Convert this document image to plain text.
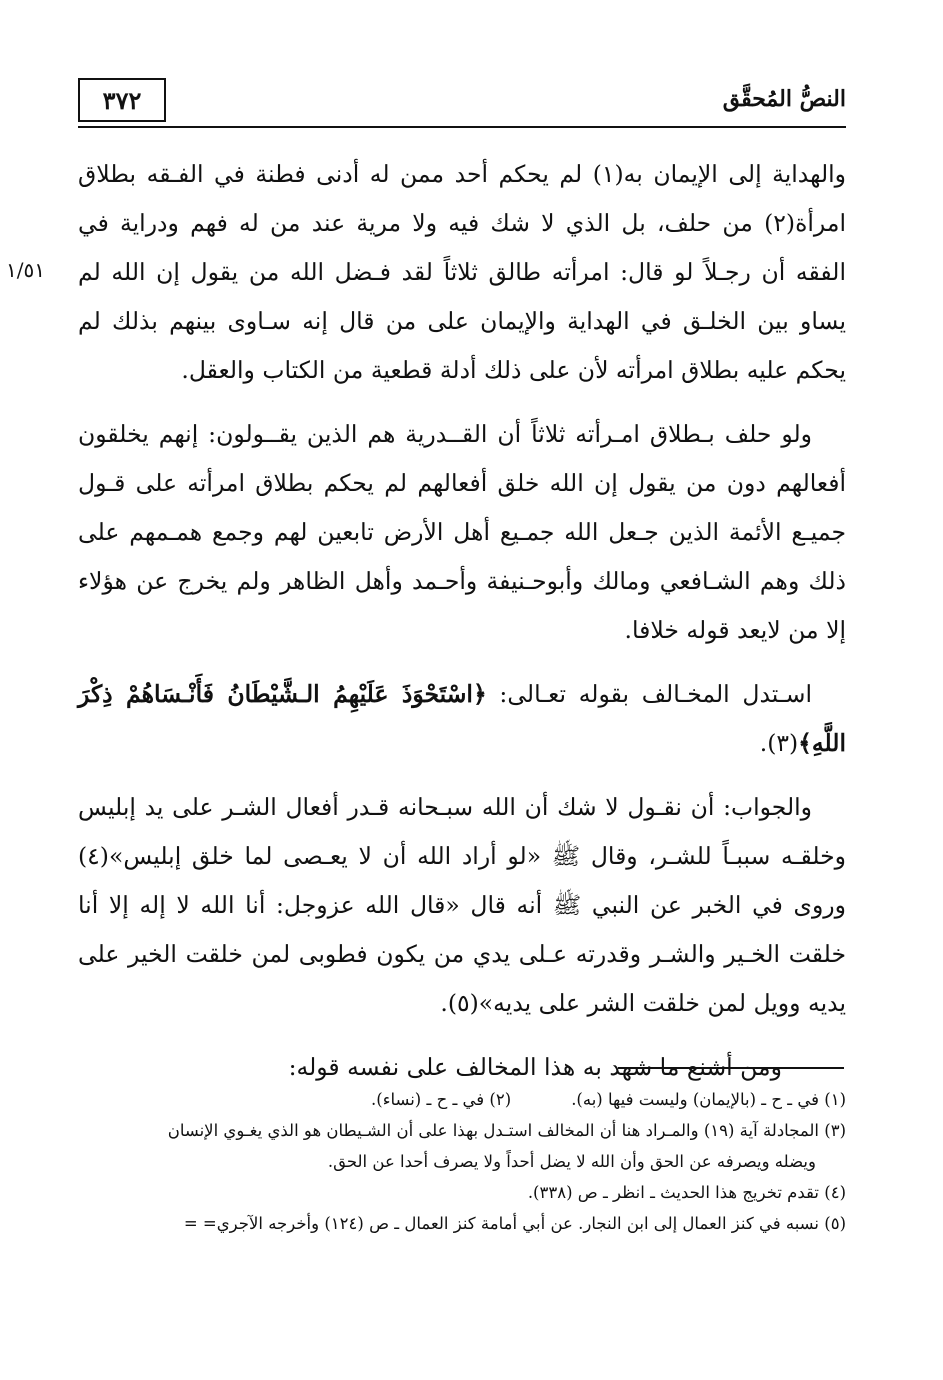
٣٧٢	النصُّ المُحقَّق
١/٥١

والهداية إلى الإيمان به(١) لم يحكم أحد ممن له أدنى فطنة في الفـقه بطلاق امرأة(٢) من حلف، بل الذي لا شك فيه ولا مرية عند من له فهم ودراية في الفقه أن رجـلاً لو قال: امرأته طالق ثلاثاً لقد فـضل الله من يقول إن الله لم يساو بين الخلـق في الهداية والإيمان على من قال إنه سـاوى بينهم بذلك لم يحكم عليه بطلاق امرأته لأن على ذلك أدلة قطعية من الكتاب والعقل.

ولو حلف بـطلاق امـرأته ثلاثاً أن القــدرية هم الذين يقــولون: إنهم يخلقون أفعالهم دون من يقول إن الله خلق أفعالهم لم يحكم بطلاق امرأته على قـول جميـع الأئمة الذين جـعل الله جمـيع أهل الأرض تابعين لهم وجمع همـمهم على ذلك وهم الشـافعي ومالك وأبوحـنيفة وأحـمد وأهل الظاهر ولم يخرج عن هؤلاء إلا من لايعد قوله خلافا.

اسـتدل المخـالف بقوله تعـالى: ﴿اسْتَحْوَذَ عَلَيْهِمُ الـشَّيْطَانُ فَأَنْـسَاهُمْ ذِكْرَ اللَّهِ﴾(٣).

والجواب: أن نقـول لا شك أن الله سبـحانه قـدر أفعال الشـر على يد إبليس وخلقـه سببـاً للشـر، وقال ﷺ «لو أراد الله أن لا يعـصى لما خلق إبليس»(٤) وروى في الخبر عن النبي ﷺ أنه قال «قال الله عزوجل: أنا الله لا إله إلا أنا خلقت الخـير والشـر وقدرته عـلى يدي من يكون فطوبى لمن خلقت الخير على يديه وويل لمن خلقت الشر على يديه»(٥).

ومن أشنع ما شهد به هذا المخالف على نفسه قوله:

(١) في ـ ح ـ (بالإيمان) وليست فيها (به).(٢) في ـ ح ـ (نساء).
(٣) المجادلة آية (١٩) والمـراد هنا أن المخالف استـدل بهذا على أن الشـيطان هو الذي يغـوي الإنسان
ويضله ويصرفه عن الحق وأن الله لا يضل أحداً ولا يصرف أحدا عن الحق.
(٤) تقدم تخريج هذا الحديث ـ انظر ـ ص (٣٣٨).
(٥) نسبه في كنز العمال إلى ابن النجار. عن أبي أمامة كنز العمال ـ ص (١٢٤) وأخرجه الآجري= =
